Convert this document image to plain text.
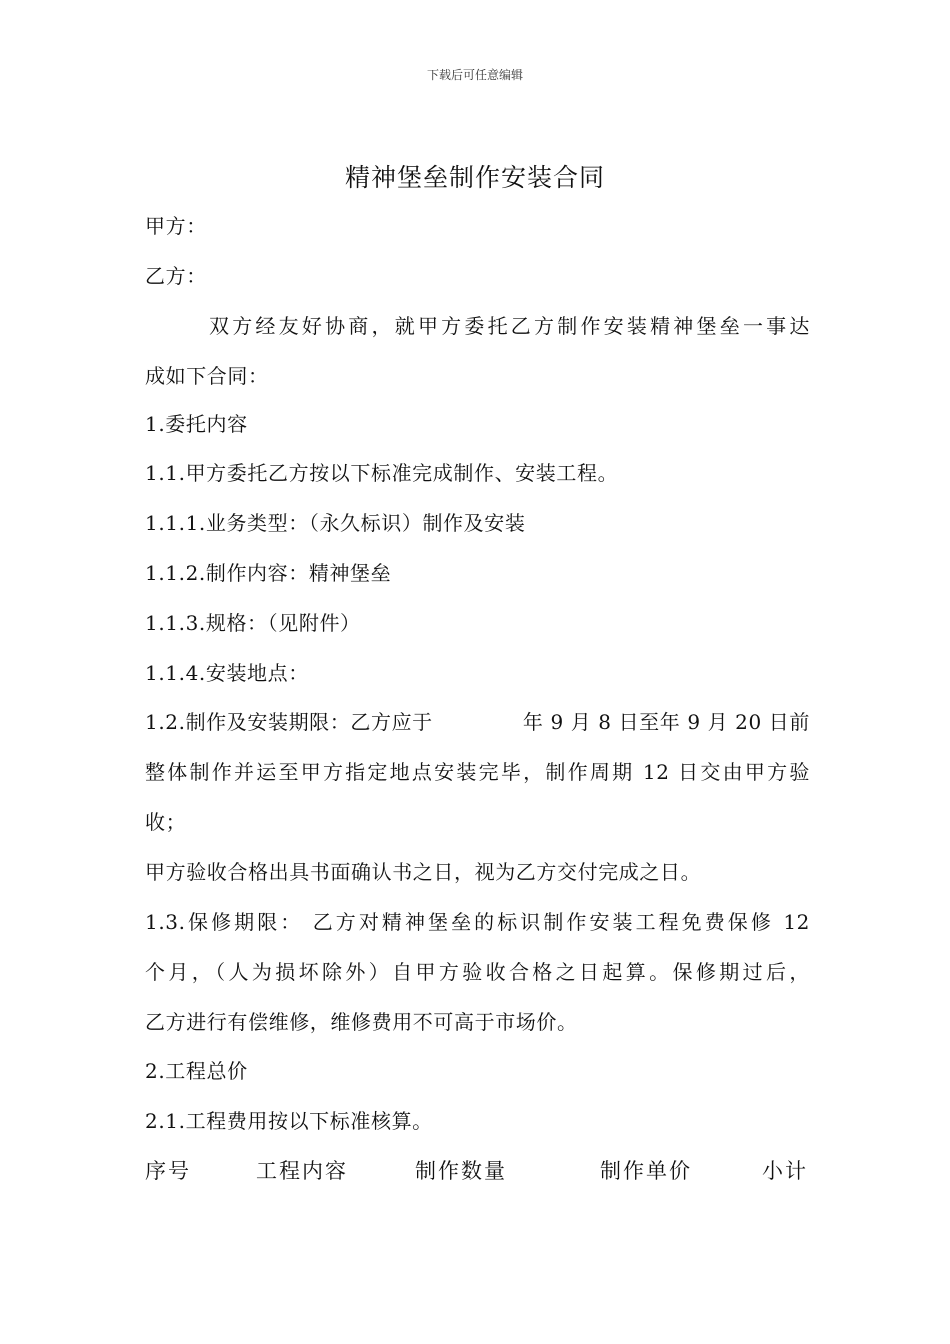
下载后可任意编辑
精神堡垒制作安装合同
甲方：
乙方：
双方经友好协商，就甲方委托乙方制作安装精神堡垒一事达
成如下合同：
1.委托内容
1.1.甲方委托乙方按以下标准完成制作、安装工程。
1.1.1.业务类型：（永久标识）制作及安装
1.1.2.制作内容：精神堡垒
1.1.3.规格：（见附件）
1.1.4.安装地点：
1.2.制作及安装期限：乙方应于	年 9 月 8 日至年 9 月 20 日前
整体制作并运至甲方指定地点安装完毕，制作周期 12 日交由甲方验
收；
甲方验收合格出具书面确认书之日，视为乙方交付完成之日。
1.3.保修期限： 乙方对精神堡垒的标识制作安装工程免费保修 12
个月，（人为损坏除外）自甲方验收合格之日起算。保修期过后，
乙方进行有偿维修，维修费用不可高于市场价。
2.工程总价
2.1.工程费用按以下标准核算。
序号	工程内容	制作数量	制作单价	小计
